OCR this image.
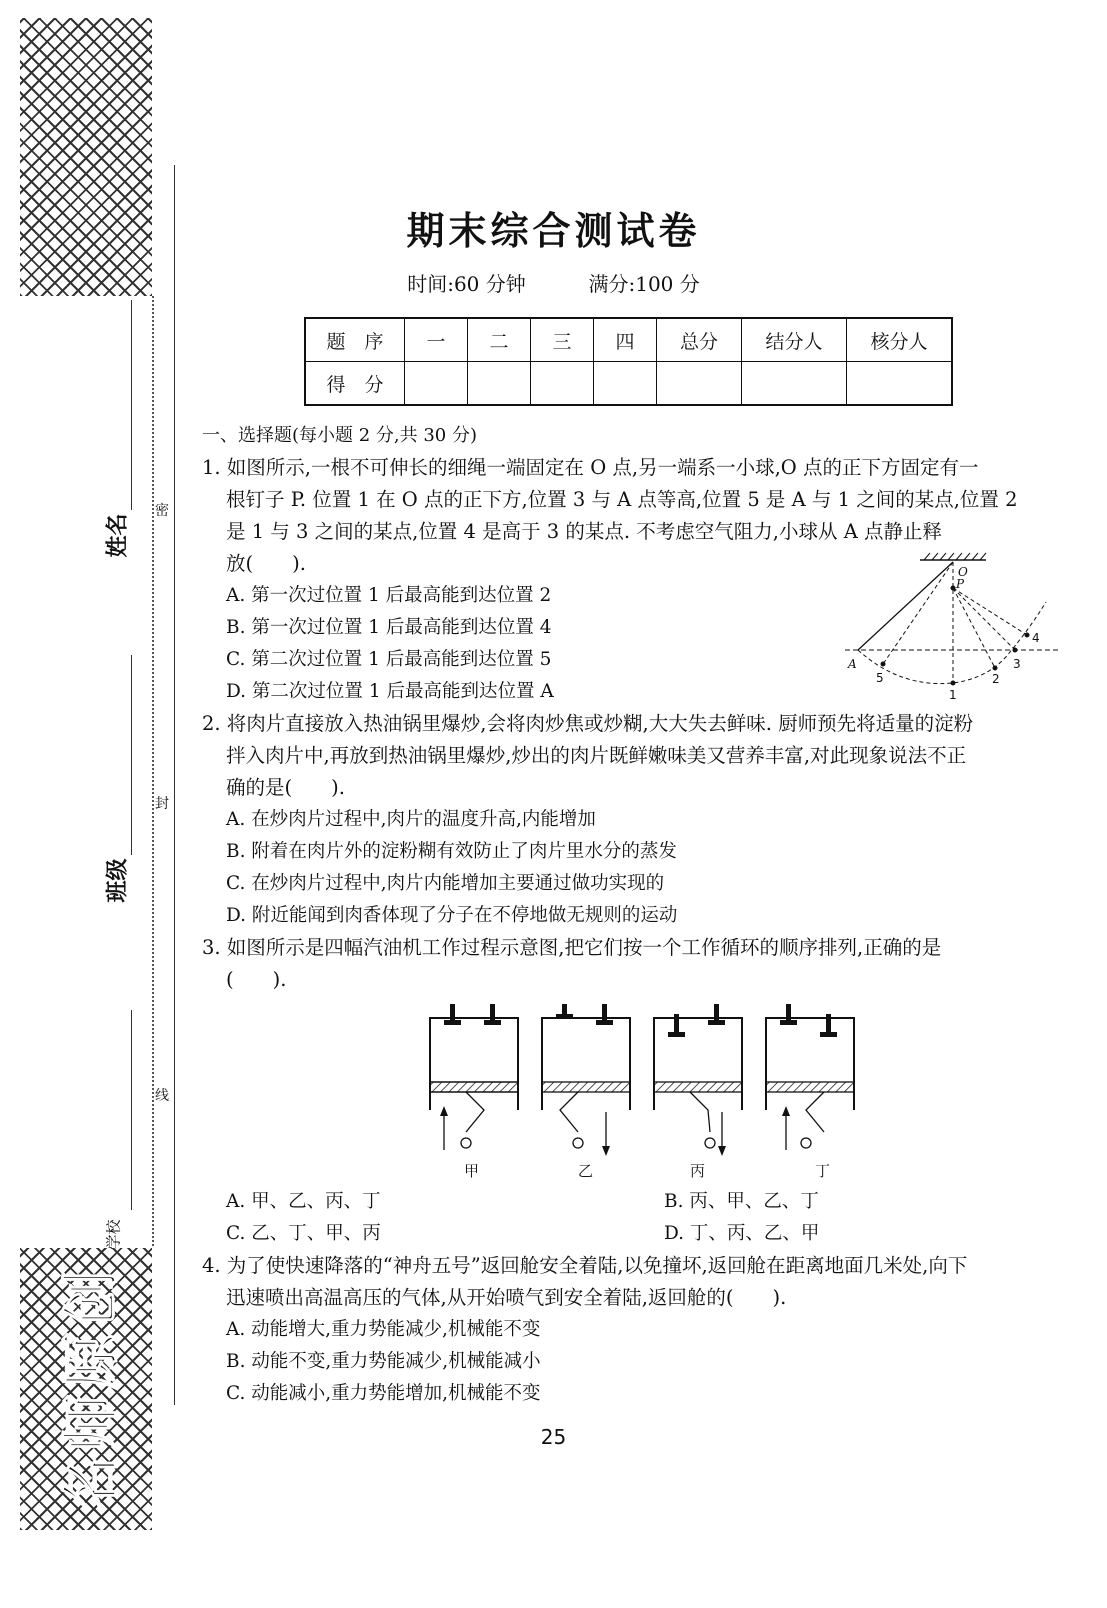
名师原创
姓名
班级
学校
密
封
线
期末综合测试卷
时间:60 分钟	满分:100 分
题　序	一	二	三	四	总分	结分人	核分人
得　分							
一、选择题(每小题 2 分,共 30 分)
1. 如图所示,一根不可伸长的细绳一端固定在 O 点,另一端系一小球,O 点的正下方固定有一
根钉子 P. 位置 1 在 O 点的正下方,位置 3 与 A 点等高,位置 5 是 A 与 1 之间的某点,位置 2
是 1 与 3 之间的某点,位置 4 是高于 3 的某点. 不考虑空气阻力,小球从 A 点静止释
放(　　).
A. 第一次过位置 1 后最高能到达位置 2
B. 第一次过位置 1 后最高能到达位置 4
C. 第二次过位置 1 后最高能到达位置 5
D. 第二次过位置 1 后最高能到达位置 A
O
P
A
1
2
3
4
5
2. 将肉片直接放入热油锅里爆炒,会将肉炒焦或炒糊,大大失去鲜味. 厨师预先将适量的淀粉
拌入肉片中,再放到热油锅里爆炒,炒出的肉片既鲜嫩味美又营养丰富,对此现象说法不正
确的是(　　).
A. 在炒肉片过程中,肉片的温度升高,内能增加
B. 附着在肉片外的淀粉糊有效防止了肉片里水分的蒸发
C. 在炒肉片过程中,肉片内能增加主要通过做功实现的
D. 附近能闻到肉香体现了分子在不停地做无规则的运动
3. 如图所示是四幅汽油机工作过程示意图,把它们按一个工作循环的顺序排列,正确的是
(　　).
甲	乙	丙	丁
A. 甲、乙、丙、丁	B. 丙、甲、乙、丁
C. 乙、丁、甲、丙	D. 丁、丙、乙、甲
4. 为了使快速降落的“神舟五号”返回舱安全着陆,以免撞坏,返回舱在距离地面几米处,向下
迅速喷出高温高压的气体,从开始喷气到安全着陆,返回舱的(　　).
A. 动能增大,重力势能减少,机械能不变
B. 动能不变,重力势能减少,机械能减小
C. 动能减小,重力势能增加,机械能不变
25
